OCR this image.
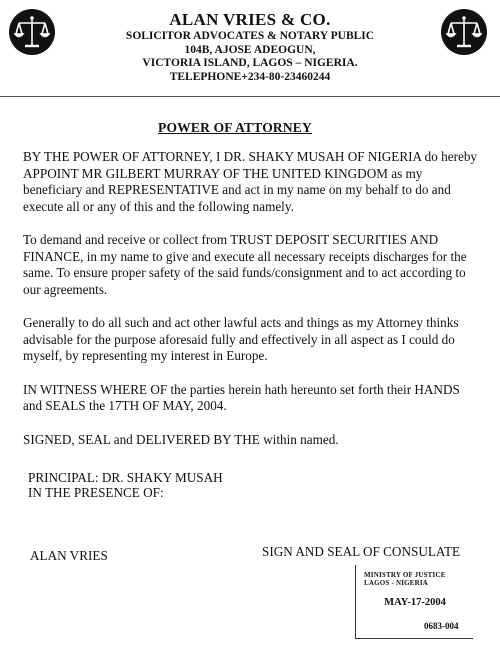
ALAN VRIES & CO.
SOLICITOR ADVOCATES & NOTARY PUBLIC
104B, AJOSE ADEOGUN,
VICTORIA ISLAND, LAGOS – NIGERIA.
TELEPHONE+234-80-23460244
POWER OF ATTORNEY

BY THE POWER OF ATTORNEY, I DR. SHAKY MUSAH OF NIGERIA do hereby APPOINT MR GILBERT MURRAY OF THE UNITED KINGDOM as my beneficiary and REPRESENTATIVE and act in my name on my behalf to do and execute all or any of this and the following namely.

To demand and receive or collect from TRUST DEPOSIT SECURITIES AND FINANCE, in my name to give and execute all necessary receipts discharges for the same. To ensure proper safety of the said funds/consignment and to act according to our agreements.

Generally to do all such and act other lawful acts and things as my Attorney thinks advisable for the purpose aforesaid fully and effectively in all aspect as I could do myself, by representing my interest in Europe.

IN WITNESS WHERE OF the parties herein hath hereunto set forth their HANDS and SEALS the 17TH OF MAY, 2004.

SIGNED, SEAL and DELIVERED BY THE within named.

PRINCIPAL: DR. SHAKY MUSAH
IN THE PRESENCE OF:
ALAN VRIES	SIGN AND SEAL OF CONSULATE
MINISTRY OF JUSTICE
LAGOS - NIGERIA
MAY-17-2004
0683-004
